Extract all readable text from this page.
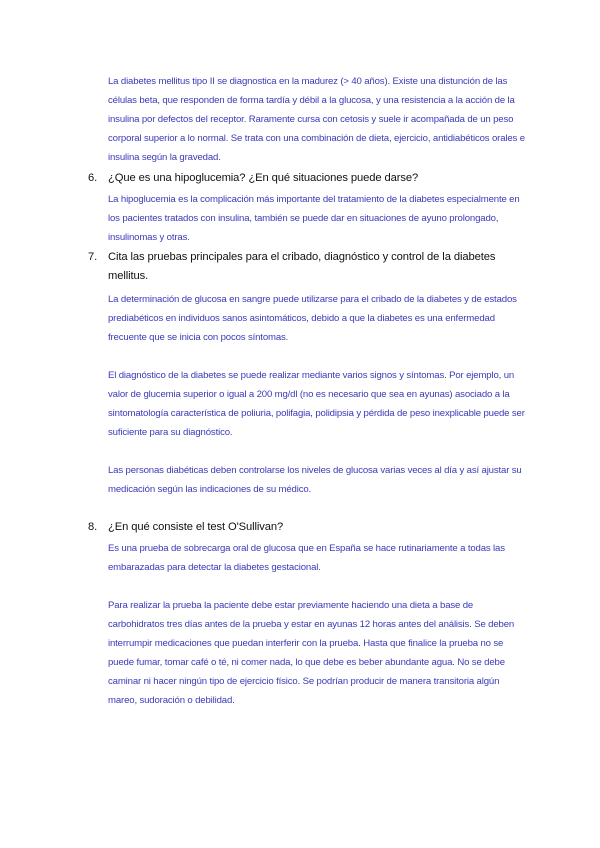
La diabetes mellitus tipo II se diagnostica en la madurez (> 40 años). Existe una distunción de las células beta, que responden de forma tardía y débil a la glucosa, y una resistencia a la acción de la insulina por defectos del receptor. Raramente cursa con cetosis y suele ir acompañada de un peso corporal superior a lo normal. Se trata con una combinación de dieta, ejercicio, antidiabéticos orales e insulina según la gravedad.

6. ¿Que es una hipoglucemia? ¿En qué situaciones puede darse?

La hipoglucemia es la complicación más importante del tratamiento de la diabetes especialmente en los pacientes tratados con insulina, también se puede dar en situaciones de ayuno prolongado, insulinomas y otras.

7. Cita las pruebas principales para el cribado, diagnóstico y control de la diabetes mellitus.

La determinación de glucosa en sangre puede utilizarse para el cribado de la diabetes y de estados prediabéticos en individuos sanos asintomáticos, debido a que la diabetes es una enfermedad frecuente que se inicia con pocos síntomas.

El diagnóstico de la diabetes se puede realizar mediante varios signos y síntomas. Por ejemplo, un valor de glucemia superior o igual a 200 mg/dl (no es necesario que sea en ayunas) asociado a la sintomatología característica de poliuria, polifagia, polidipsia y pérdida de peso inexplicable puede ser suficiente para su diagnóstico.

Las personas diabéticas deben controlarse los niveles de glucosa varias veces al día y así ajustar su medicación según las indicaciones de su médico.

8. ¿En qué consiste el test O'Sullivan?

Es una prueba de sobrecarga oral de glucosa que en España se hace rutinariamente a todas las embarazadas para detectar la diabetes gestacional.

Para realizar la prueba la paciente debe estar previamente haciendo una dieta a base de carbohidratos tres días antes de la prueba y estar en ayunas 12 horas antes del análisis. Se deben interrumpir medicaciones que puedan interferir con la prueba. Hasta que finalice la prueba no se puede fumar, tomar café o té, ni comer nada, lo que debe es beber abundante agua. No se debe caminar ni hacer ningún tipo de ejercicio físico. Se podrían producir de manera transitoria algún mareo, sudoración o debilidad.
